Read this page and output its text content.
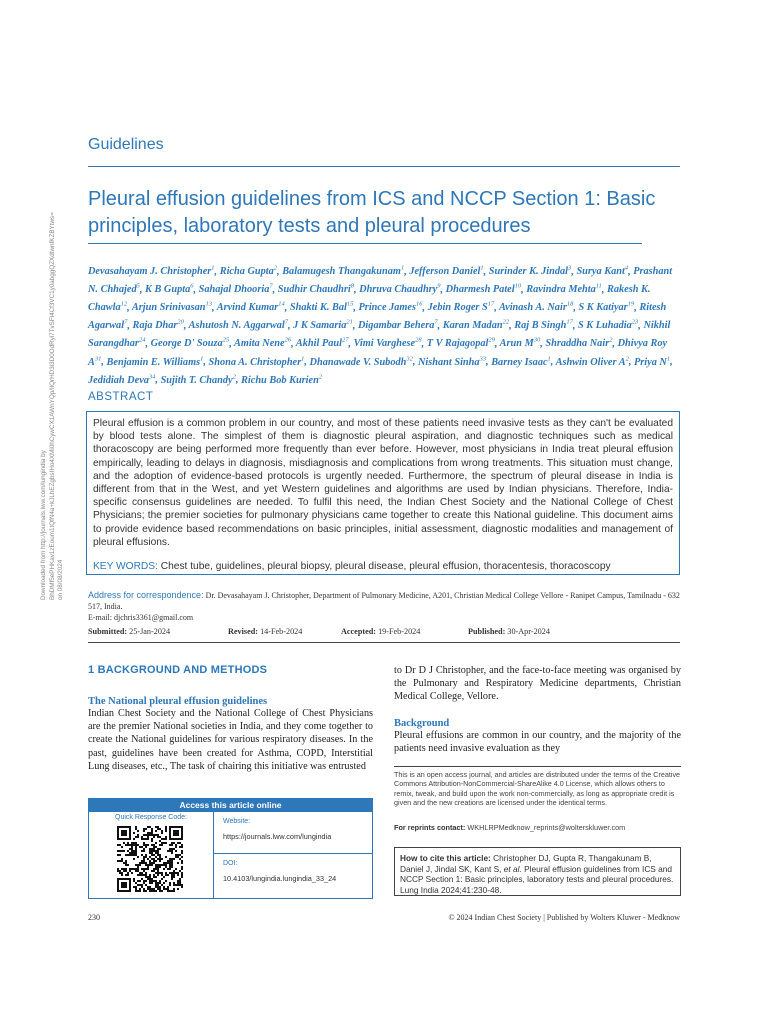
Downloaded from http://journals.lww.com/lungindia by BhDMf5ePHKav1zEoum1tQfN4a+kJLhEZgbsIHo4XMi0hCywCX1AWnYQp/IlQrHD3i3D0OdRyi7TvSFl4Cf3VC1y0abggQZXdtwnfKZBYtws= on 08/08/2024
Guidelines
Pleural effusion guidelines from ICS and NCCP Section 1: Basic principles, laboratory tests and pleural procedures
Devasahayam J. Christopher$^1$, Richa Gupta$^2$, Balamugesh Thangakunam$^1$, Jefferson Daniel$^1$, Surinder K. Jindal$^3$, Surya Kant$^4$, Prashant N. Chhajed$^5$, K B Gupta$^6$, Sahajal Dhooria$^7$, Sudhir Chaudhri$^8$, Dhruva Chaudhry$^9$, Dharmesh Patel$^{10}$, Ravindra Mehta$^{11}$, Rakesh K. Chawla$^{12}$, Arjun Srinivasan$^{13}$, Arvind Kumar$^{14}$, Shakti K. Bal$^{15}$, Prince James$^{16}$, Jebin Roger $S^{17}$, Avinash A. Nair$^{18}$, S K Katiyar$^{19}$, Ritesh Agarwal$^7$, Raja Dhar$^{20}$, Ashutosh N. Aggarwal$^7$, J K Samaria$^{21}$, Digambar Behera$^7$, Karan Madan$^{22}$, Raj B Singh$^{17}$, S K Luhadia$^{23}$, Nikhil Sarangdhar$^{24}$, George D' Souza$^{25}$, Amita Nene$^{26}$, Akhil Paul$^{27}$, Vimi Varghese$^{28}$, T V Rajagopal$^{29}$, Arun $M^{30}$, Shraddha Nair$^2$, Dhivya Roy $A^{31}$, Benjamin E. Williams$^1$, Shona A. Christopher$^1$, Dhanawade V. Subodh$^{32}$, Nishant Sinha$^{33}$, Barney Isaac$^1$, Ashwin Oliver $A^2$, Priya $N^1$, Jedidiah Deva$^{34}$, Sujith T. Chandy$^2$, Richu Bob Kurien$^2$
ABSTRACT

Pleural effusion is a common problem in our country, and most of these patients need invasive tests as they can't be evaluated by blood tests alone. The simplest of them is diagnostic pleural aspiration, and diagnostic techniques such as medical thoracoscopy are being performed more frequently than ever before. However, most physicians in India treat pleural effusion empirically, leading to delays in diagnosis, misdiagnosis and complications from wrong treatments. This situation must change, and the adoption of evidence-based protocols is urgently needed. Furthermore, the spectrum of pleural disease in India is different from that in the West, and yet Western guidelines and algorithms are used by Indian physicians. Therefore, India-specific consensus guidelines are needed. To fulfil this need, the Indian Chest Society and the National College of Chest Physicians; the premier societies for pulmonary physicians came together to create this National guideline. This document aims to provide evidence based recommendations on basic principles, initial assessment, diagnostic modalities and management of pleural effusions.

KEY WORDS: Chest tube, guidelines, pleural biopsy, pleural disease, pleural effusion, thoracentesis, thoracoscopy
Address for correspondence: Dr. Devasahayam J. Christopher, Department of Pulmonary Medicine, A201, Christian Medical College Vellore - Ranipet Campus, Tamilnadu - 632 517, India.
E-mail: djchris3361@gmail.com
Submitted: 25-Jan-2024	Revised: 14-Feb-2024	Accepted: 19-Feb-2024	Published: 30-Apr-2024
1 BACKGROUND AND METHODS
The National pleural effusion guidelines

Indian Chest Society and the National College of Chest Physicians are the premier National societies in India, and they come together to create the National guidelines for various respiratory diseases. In the past, guidelines have been created for Asthma, COPD, Interstitial Lung diseases, etc., The task of chairing this initiative was entrusted

to Dr D J Christopher, and the face-to-face meeting was organised by the Pulmonary and Respiratory Medicine departments, Christian Medical College, Vellore.

Background

Pleural effusions are common in our country, and the majority of the patients need invasive evaluation as they

This is an open access journal, and articles are distributed under the terms of the Creative Commons Attribution-NonCommercial-ShareAlike 4.0 License, which allows others to remix, tweak, and build upon the work non-commercially, as long as appropriate credit is given and the new creations are licensed under the identical terms.

For reprints contact: WKHLRPMedknow_reprints@wolterskluwer.com
Access this article online
Quick Response Code:
Website:
https://journals.lww.com/lungindia
DOI:
10.4103/lungindia.lungindia_33_24
How to cite this article: Christopher DJ, Gupta R, Thangakunam B, Daniel J, Jindal SK, Kant S, et al. Pleural effusion guidelines from ICS and NCCP Section 1: Basic principles, laboratory tests and pleural procedures. Lung India 2024;41:230-48.
230	© 2024 Indian Chest Society | Published by Wolters Kluwer - Medknow
